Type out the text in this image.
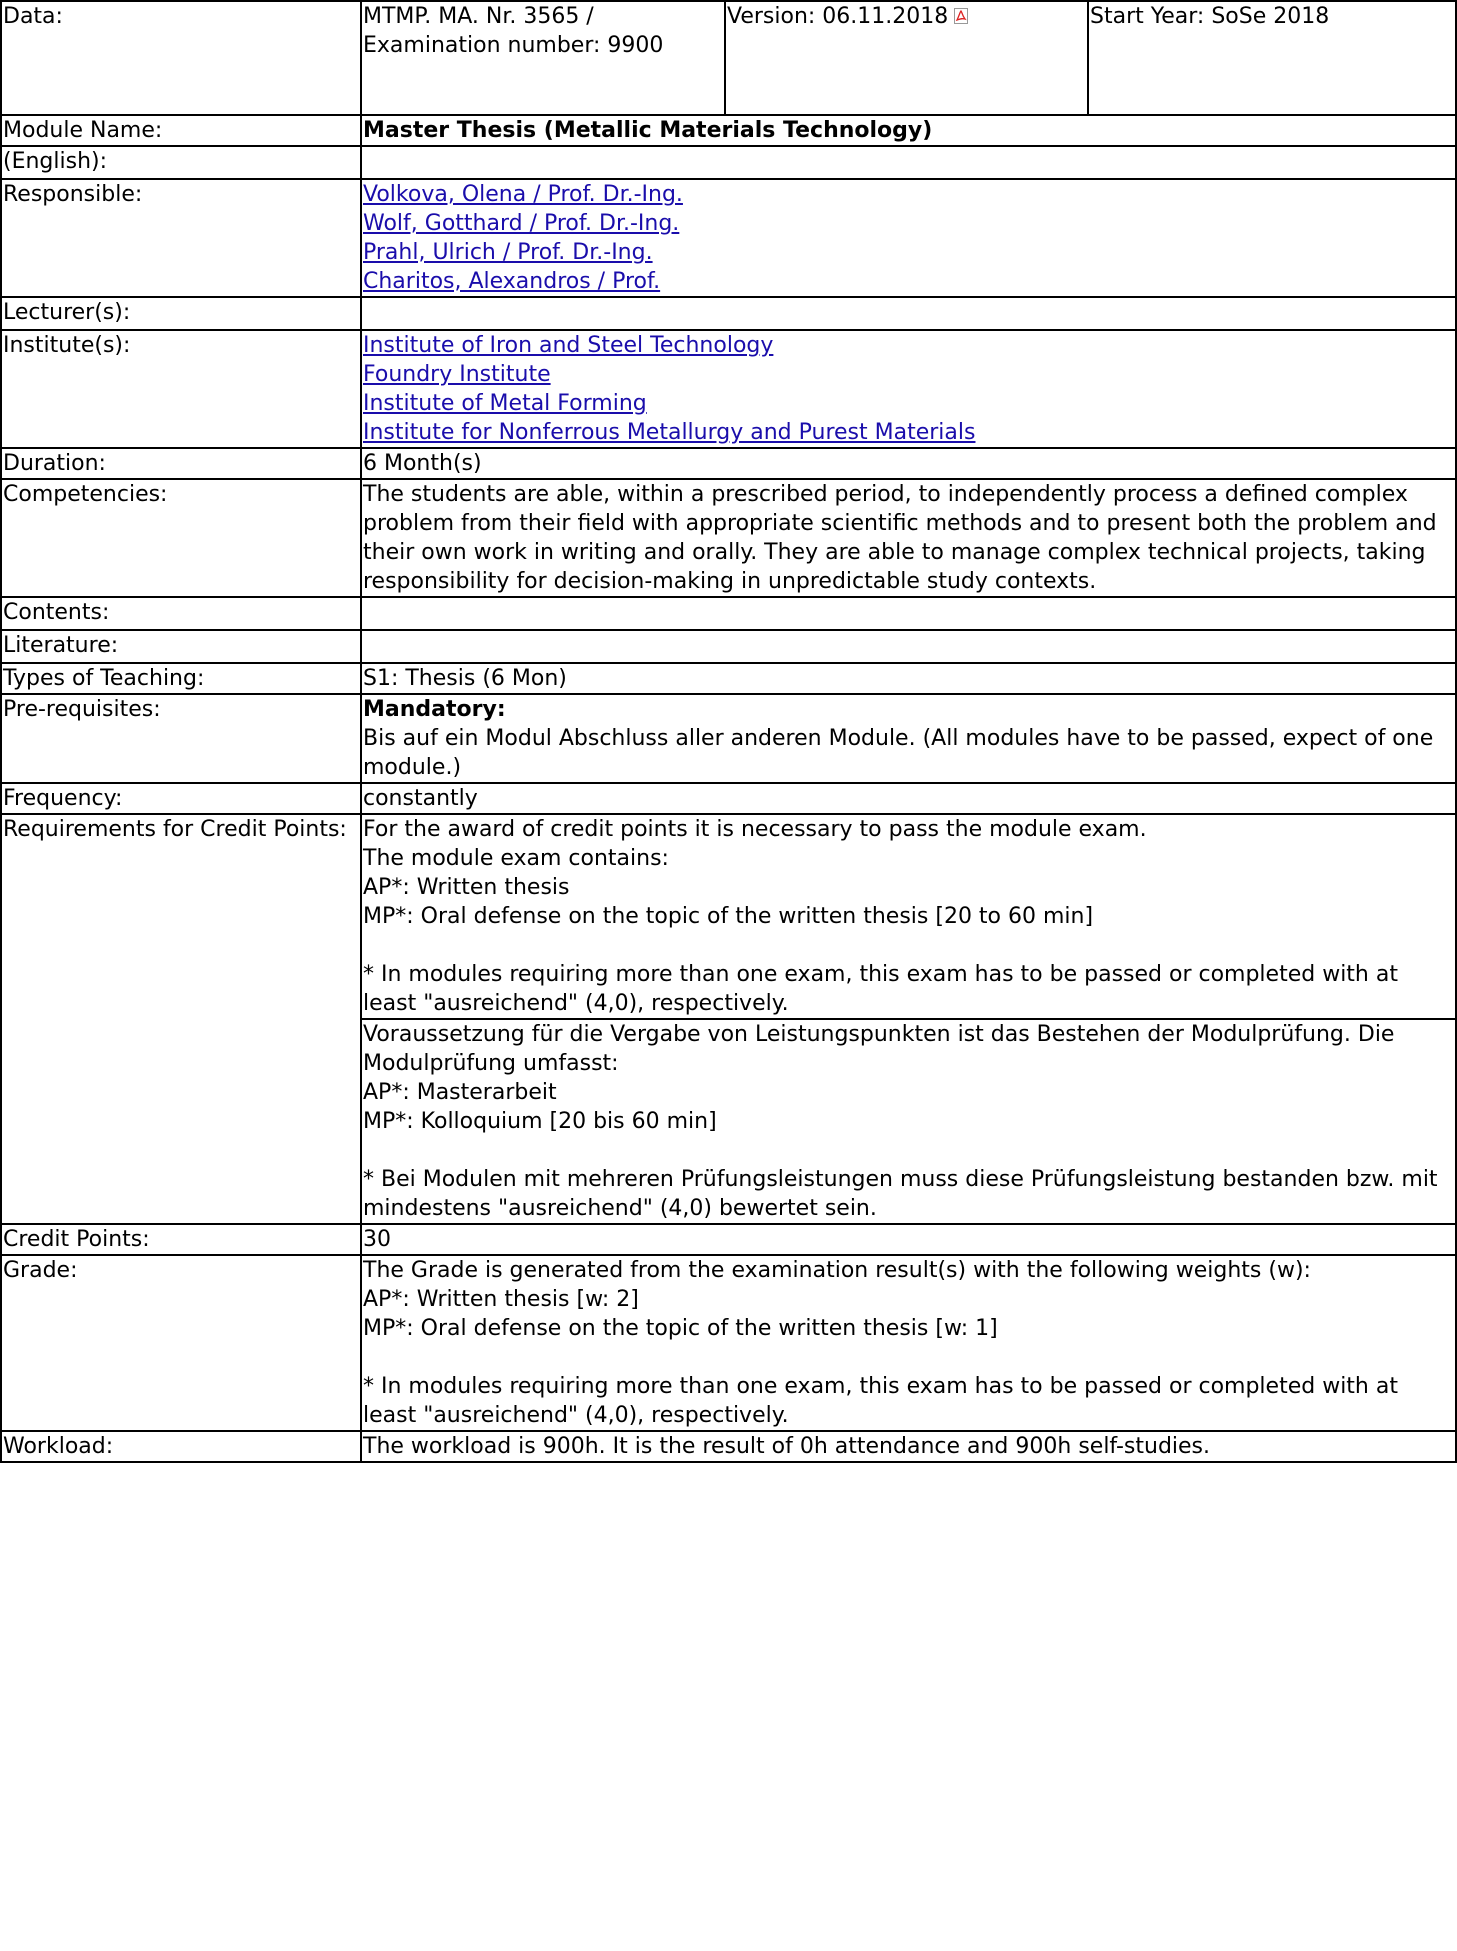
Data:	MTMP. MA. Nr. 3565 / Examination number: 9900	Version: 06.11.2018	Start Year: SoSe 2018
Module Name:	Master Thesis (Metallic Materials Technology)		
(English):			
Responsible:	Volkova, Olena / Prof. Dr.-Ing.
Wolf, Gotthard / Prof. Dr.-Ing.
Prahl, Ulrich / Prof. Dr.-Ing.
Charitos, Alexandros / Prof.		

Lecturer(s):			
Institute(s):	Institute of Iron and Steel Technology
Foundry Institute
Institute of Metal Forming
Institute for Nonferrous Metallurgy and Purest Materials		

Duration:	6 Month(s)		
Competencies:	The students are able, within a prescribed period, to independently process a defined complex problem from their field with appropriate scientific methods and to present both the problem and their own work in writing and orally. They are able to manage complex technical projects, taking responsibility for decision-making in unpredictable study contexts.		
Contents:			
Literature:			
Types of Teaching:	S1: Thesis (6 Mon)		
Pre-requisites:	Mandatory:
Bis auf ein Modul Abschluss aller anderen Module. (All modules have to be passed, expect of one module.)		

Frequency:	constantly		
Requirements for Credit Points:	For the award of credit points it is necessary to pass the module exam.
The module exam contains:
AP*: Written thesis
MP*: Oral defense on the topic of the written thesis [20 to 60 min]
* In modules requiring more than one exam, this exam has to be passed or completed with at least "ausreichend" (4,0), respectively.		

	Voraussetzung für die Vergabe von Leistungspunkten ist das Bestehen der Modulprüfung. Die Modulprüfung umfasst:
AP*: Masterarbeit
MP*: Kolloquium [20 bis 60 min]
* Bei Modulen mit mehreren Prüfungsleistungen muss diese Prüfungsleistung bestanden bzw. mit mindestens "ausreichend" (4,0) bewertet sein.		

Credit Points:	30		
Grade:	The Grade is generated from the examination result(s) with the following weights (w):
AP*: Written thesis [w: 2]
MP*: Oral defense on the topic of the written thesis [w: 1]
* In modules requiring more than one exam, this exam has to be passed or completed with at least "ausreichend" (4,0), respectively.		

Workload:	The workload is 900h. It is the result of 0h attendance and 900h self-studies.		
